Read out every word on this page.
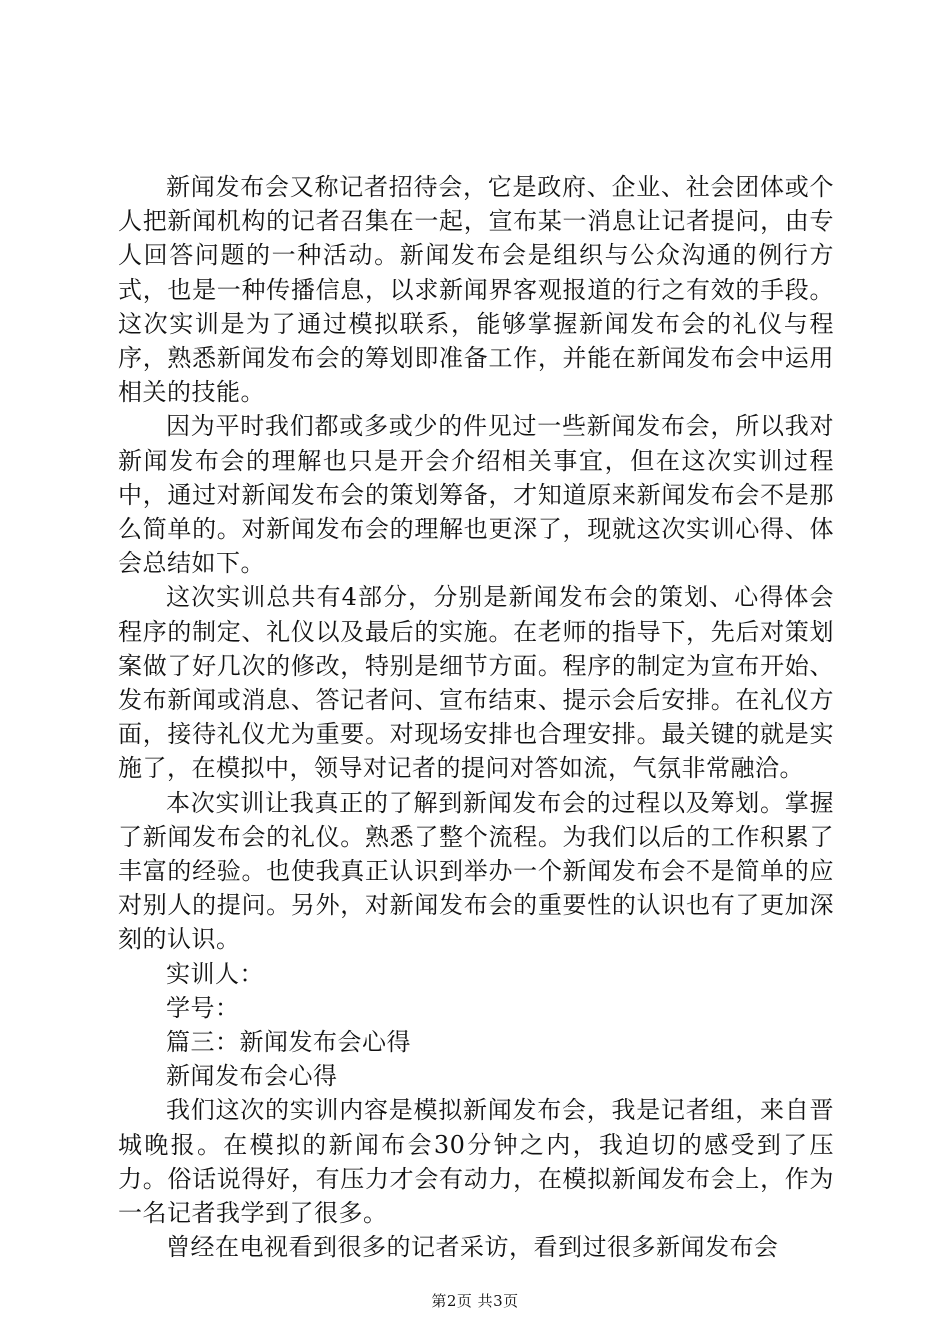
新闻发布会又称记者招待会，它是政府、企业、社会团体或个人把新闻机构的记者召集在一起，宣布某一消息让记者提问，由专人回答问题的一种活动。新闻发布会是组织与公众沟通的例行方式，也是一种传播信息，以求新闻界客观报道的行之有效的手段。这次实训是为了通过模拟联系，能够掌握新闻发布会的礼仪与程序，熟悉新闻发布会的筹划即准备工作，并能在新闻发布会中运用相关的技能。

因为平时我们都或多或少的件见过一些新闻发布会，所以我对新闻发布会的理解也只是开会介绍相关事宜，但在这次实训过程中，通过对新闻发布会的策划筹备，才知道原来新闻发布会不是那么简单的。对新闻发布会的理解也更深了，现就这次实训心得、体会总结如下。

这次实训总共有4部分，分别是新闻发布会的策划、心得体会程序的制定、礼仪以及最后的实施。在老师的指导下，先后对策划案做了好几次的修改，特别是细节方面。程序的制定为宣布开始、发布新闻或消息、答记者问、宣布结束、提示会后安排。在礼仪方面，接待礼仪尤为重要。对现场安排也合理安排。最关键的就是实施了，在模拟中，领导对记者的提问对答如流，气氛非常融洽。

本次实训让我真正的了解到新闻发布会的过程以及筹划。掌握了新闻发布会的礼仪。熟悉了整个流程。为我们以后的工作积累了丰富的经验。也使我真正认识到举办一个新闻发布会不是简单的应对别人的提问。另外，对新闻发布会的重要性的认识也有了更加深刻的认识。

实训人：

学号：

篇三：新闻发布会心得

新闻发布会心得

我们这次的实训内容是模拟新闻发布会，我是记者组，来自晋城晚报。在模拟的新闻布会30分钟之内，我迫切的感受到了压力。俗话说得好，有压力才会有动力，在模拟新闻发布会上，作为一名记者我学到了很多。

曾经在电视看到很多的记者采访，看到过很多新闻发布会

第2页 共3页
